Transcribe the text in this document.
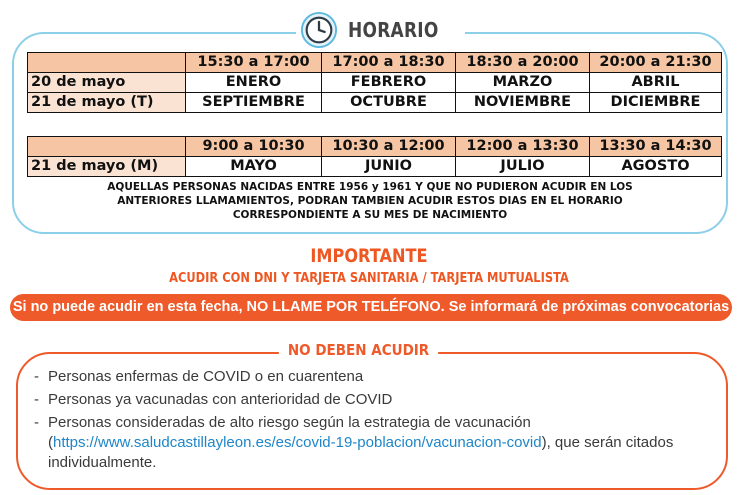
HORARIO
	15:30 a 17:00	17:00 a 18:30	18:30 a 20:00	20:00 a 21:30
20 de mayo	ENERO	FEBRERO	MARZO	ABRIL
21 de mayo (T)	SEPTIEMBRE	OCTUBRE	NOVIEMBRE	DICIEMBRE
	9:00 a 10:30	10:30 a 12:00	12:00 a 13:30	13:30 a 14:30
21 de mayo (M)	MAYO	JUNIO	JULIO	AGOSTO
AQUELLAS PERSONAS NACIDAS ENTRE 1956 y 1961 Y QUE NO PUDIERON ACUDIR EN LOS
ANTERIORES LLAMAMIENTOS, PODRAN TAMBIEN ACUDIR ESTOS DIAS EN EL HORARIO
CORRESPONDIENTE A SU MES DE NACIMIENTO
IMPORTANTE
ACUDIR CON DNI Y TARJETA SANITARIA / TARJETA MUTUALISTA
Si no puede acudir en esta fecha, NO LLAME POR TELÉFONO. Se informará de próximas convocatorias
NO DEBEN ACUDIR
- Personas enfermas de COVID o en cuarentena
- Personas ya vacunadas con anterioridad de COVID
- Personas consideradas de alto riesgo según la estrategia de vacunación
(https://www.saludcastillayleon.es/es/covid-19-poblacion/vacunacion-covid), que serán citados individualmente.
